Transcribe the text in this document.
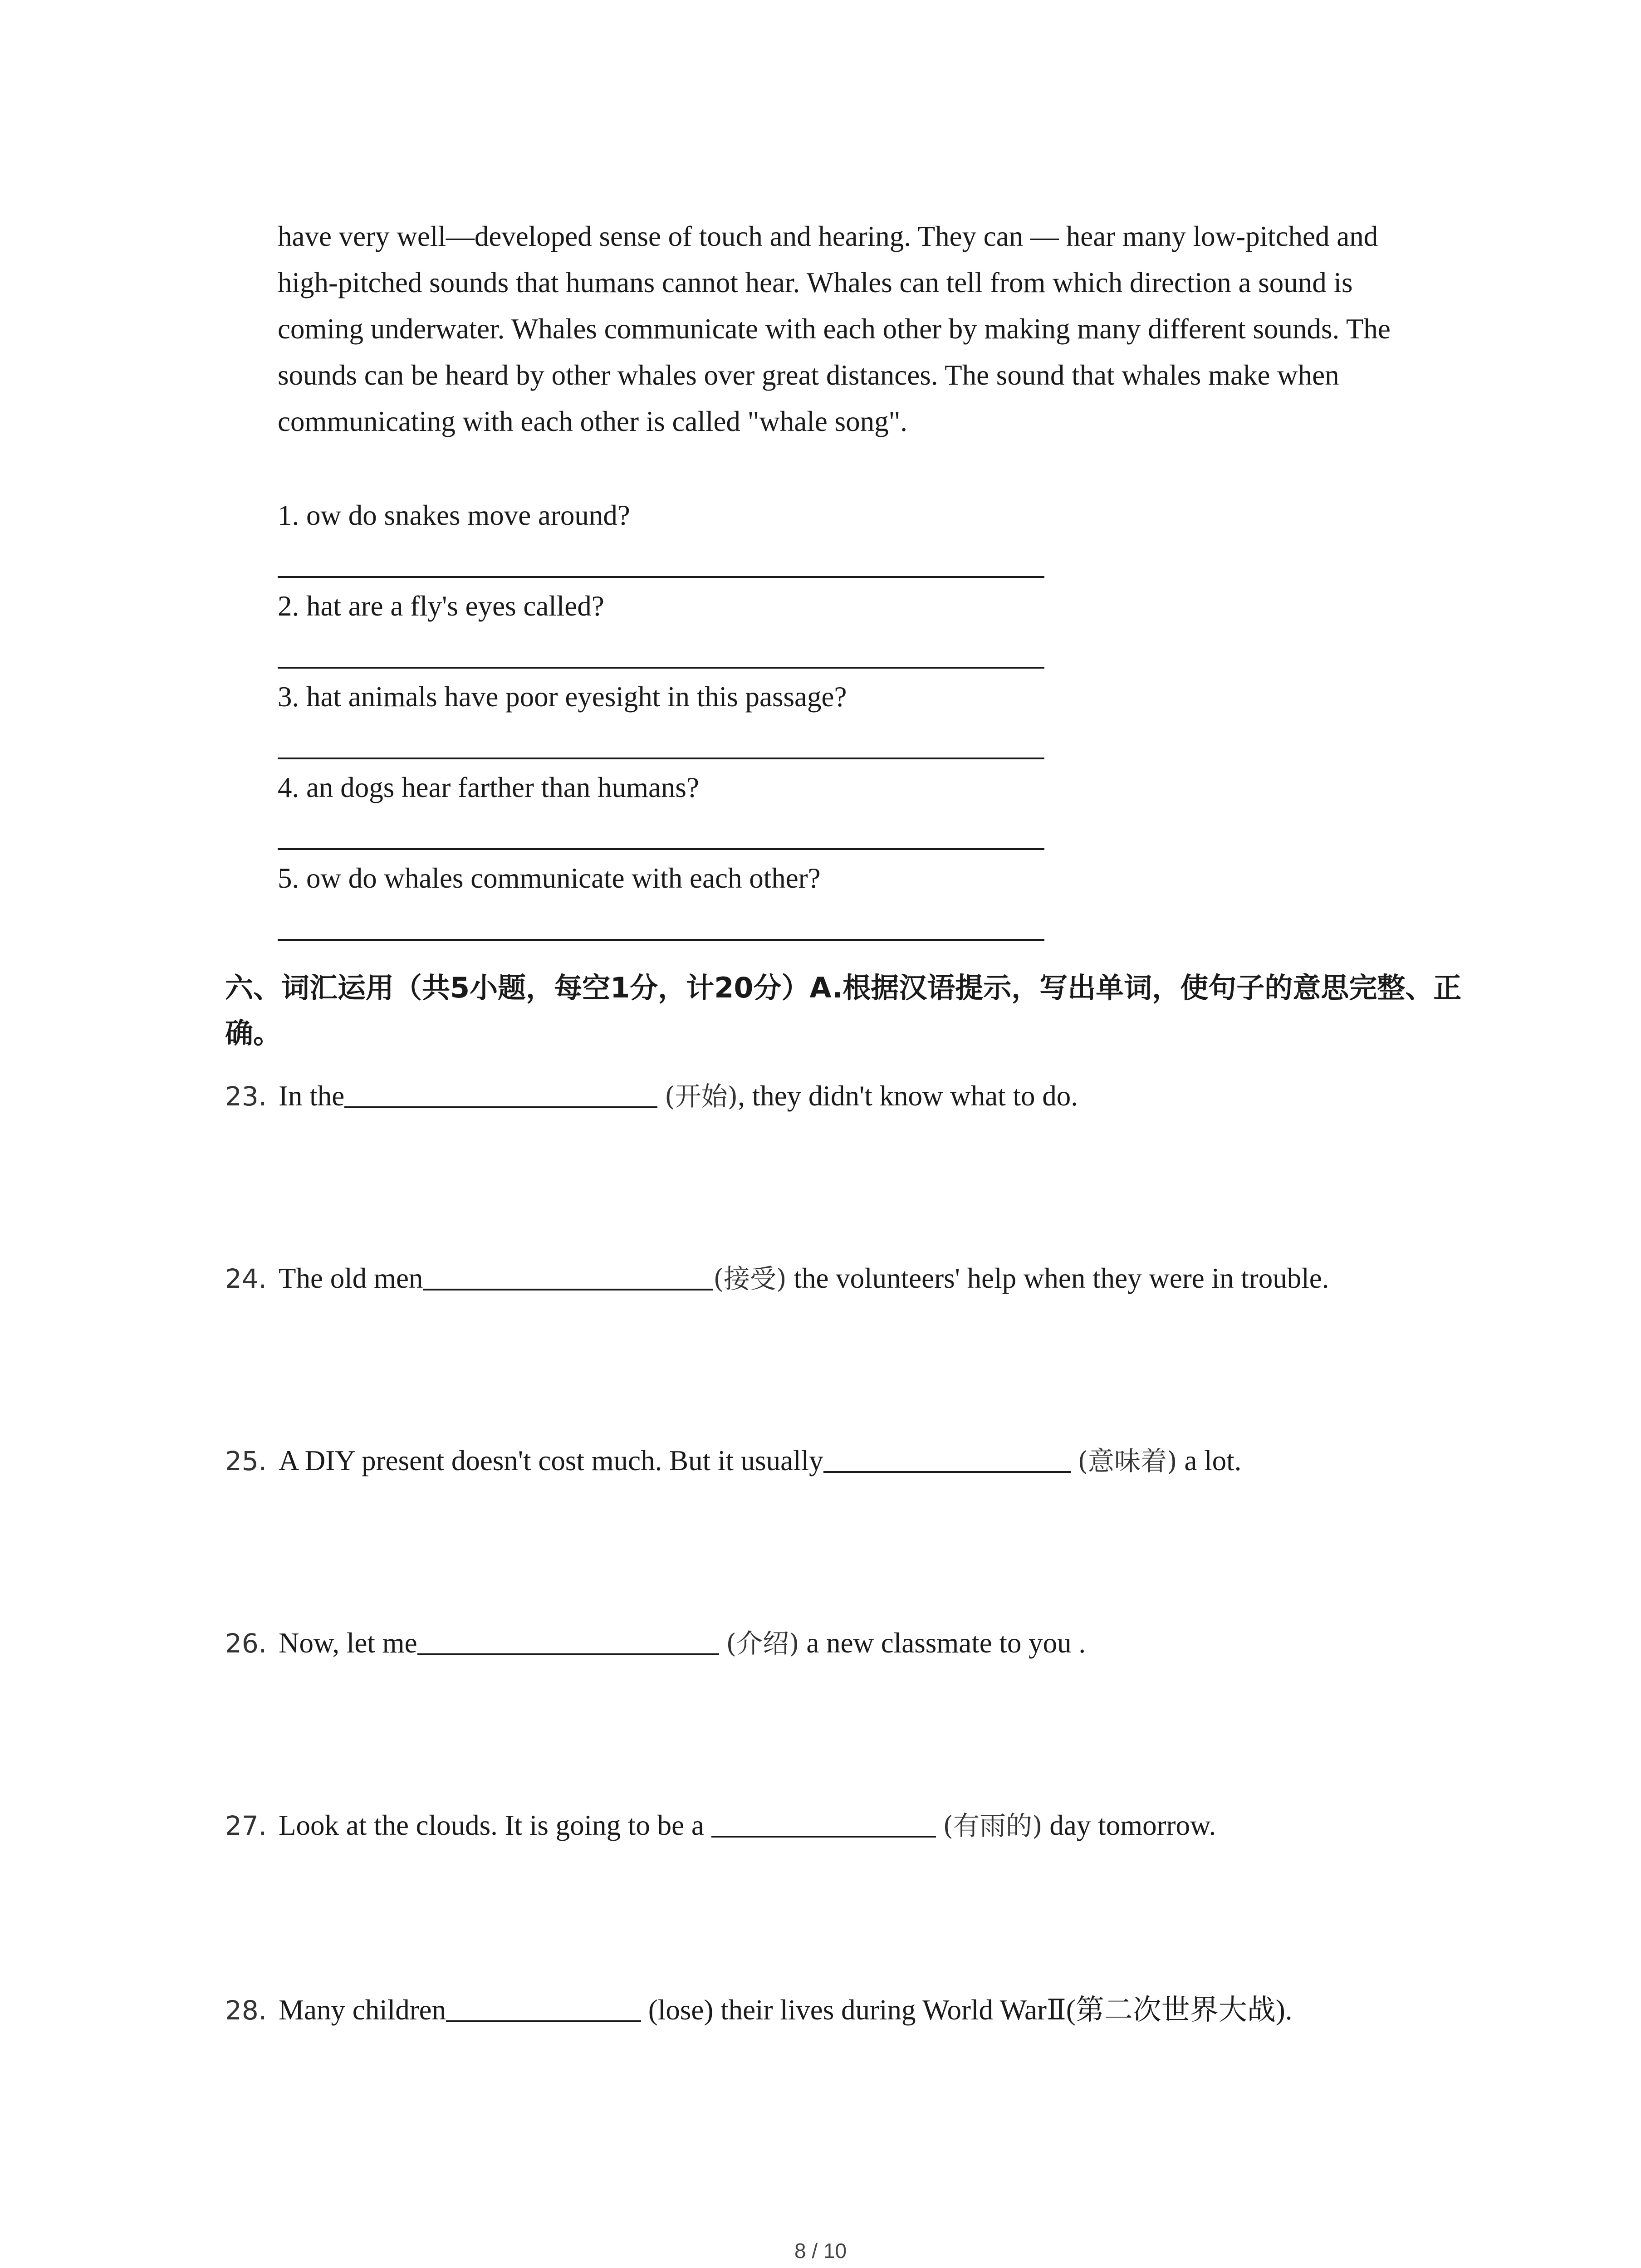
have very well—developed sense of touch and hearing. They can — hear many low-pitched and high-pitched sounds that humans cannot hear. Whales can tell from which direction a sound is coming underwater. Whales communicate with each other by making many different sounds. The sounds can be heard by other whales over great distances. The sound that whales make when communicating with each other is called "whale song".

1. ow do snakes move around?

2. hat are a fly's eyes called?

3. hat animals have poor eyesight in this passage?

4. an dogs hear farther than humans?

5. ow do whales communicate with each other?

六、词汇运用（共5小题，每空1分，计20分）A.根据汉语提示，写出单词，使句子的意思完整、正确。

23. In the	(开始), they didn't know what to do.

24. The old men	(接受) the volunteers' help when they were in trouble.

25. A DIY present doesn't cost much. But it usually	(意味着) a lot.

26. Now, let me	(介绍) a new classmate to you .

27. Look at the clouds. It is going to be a	(有雨的) day tomorrow.

28. Many children	(lose) their lives during World WarⅡ(第二次世界大战).

8 / 10
